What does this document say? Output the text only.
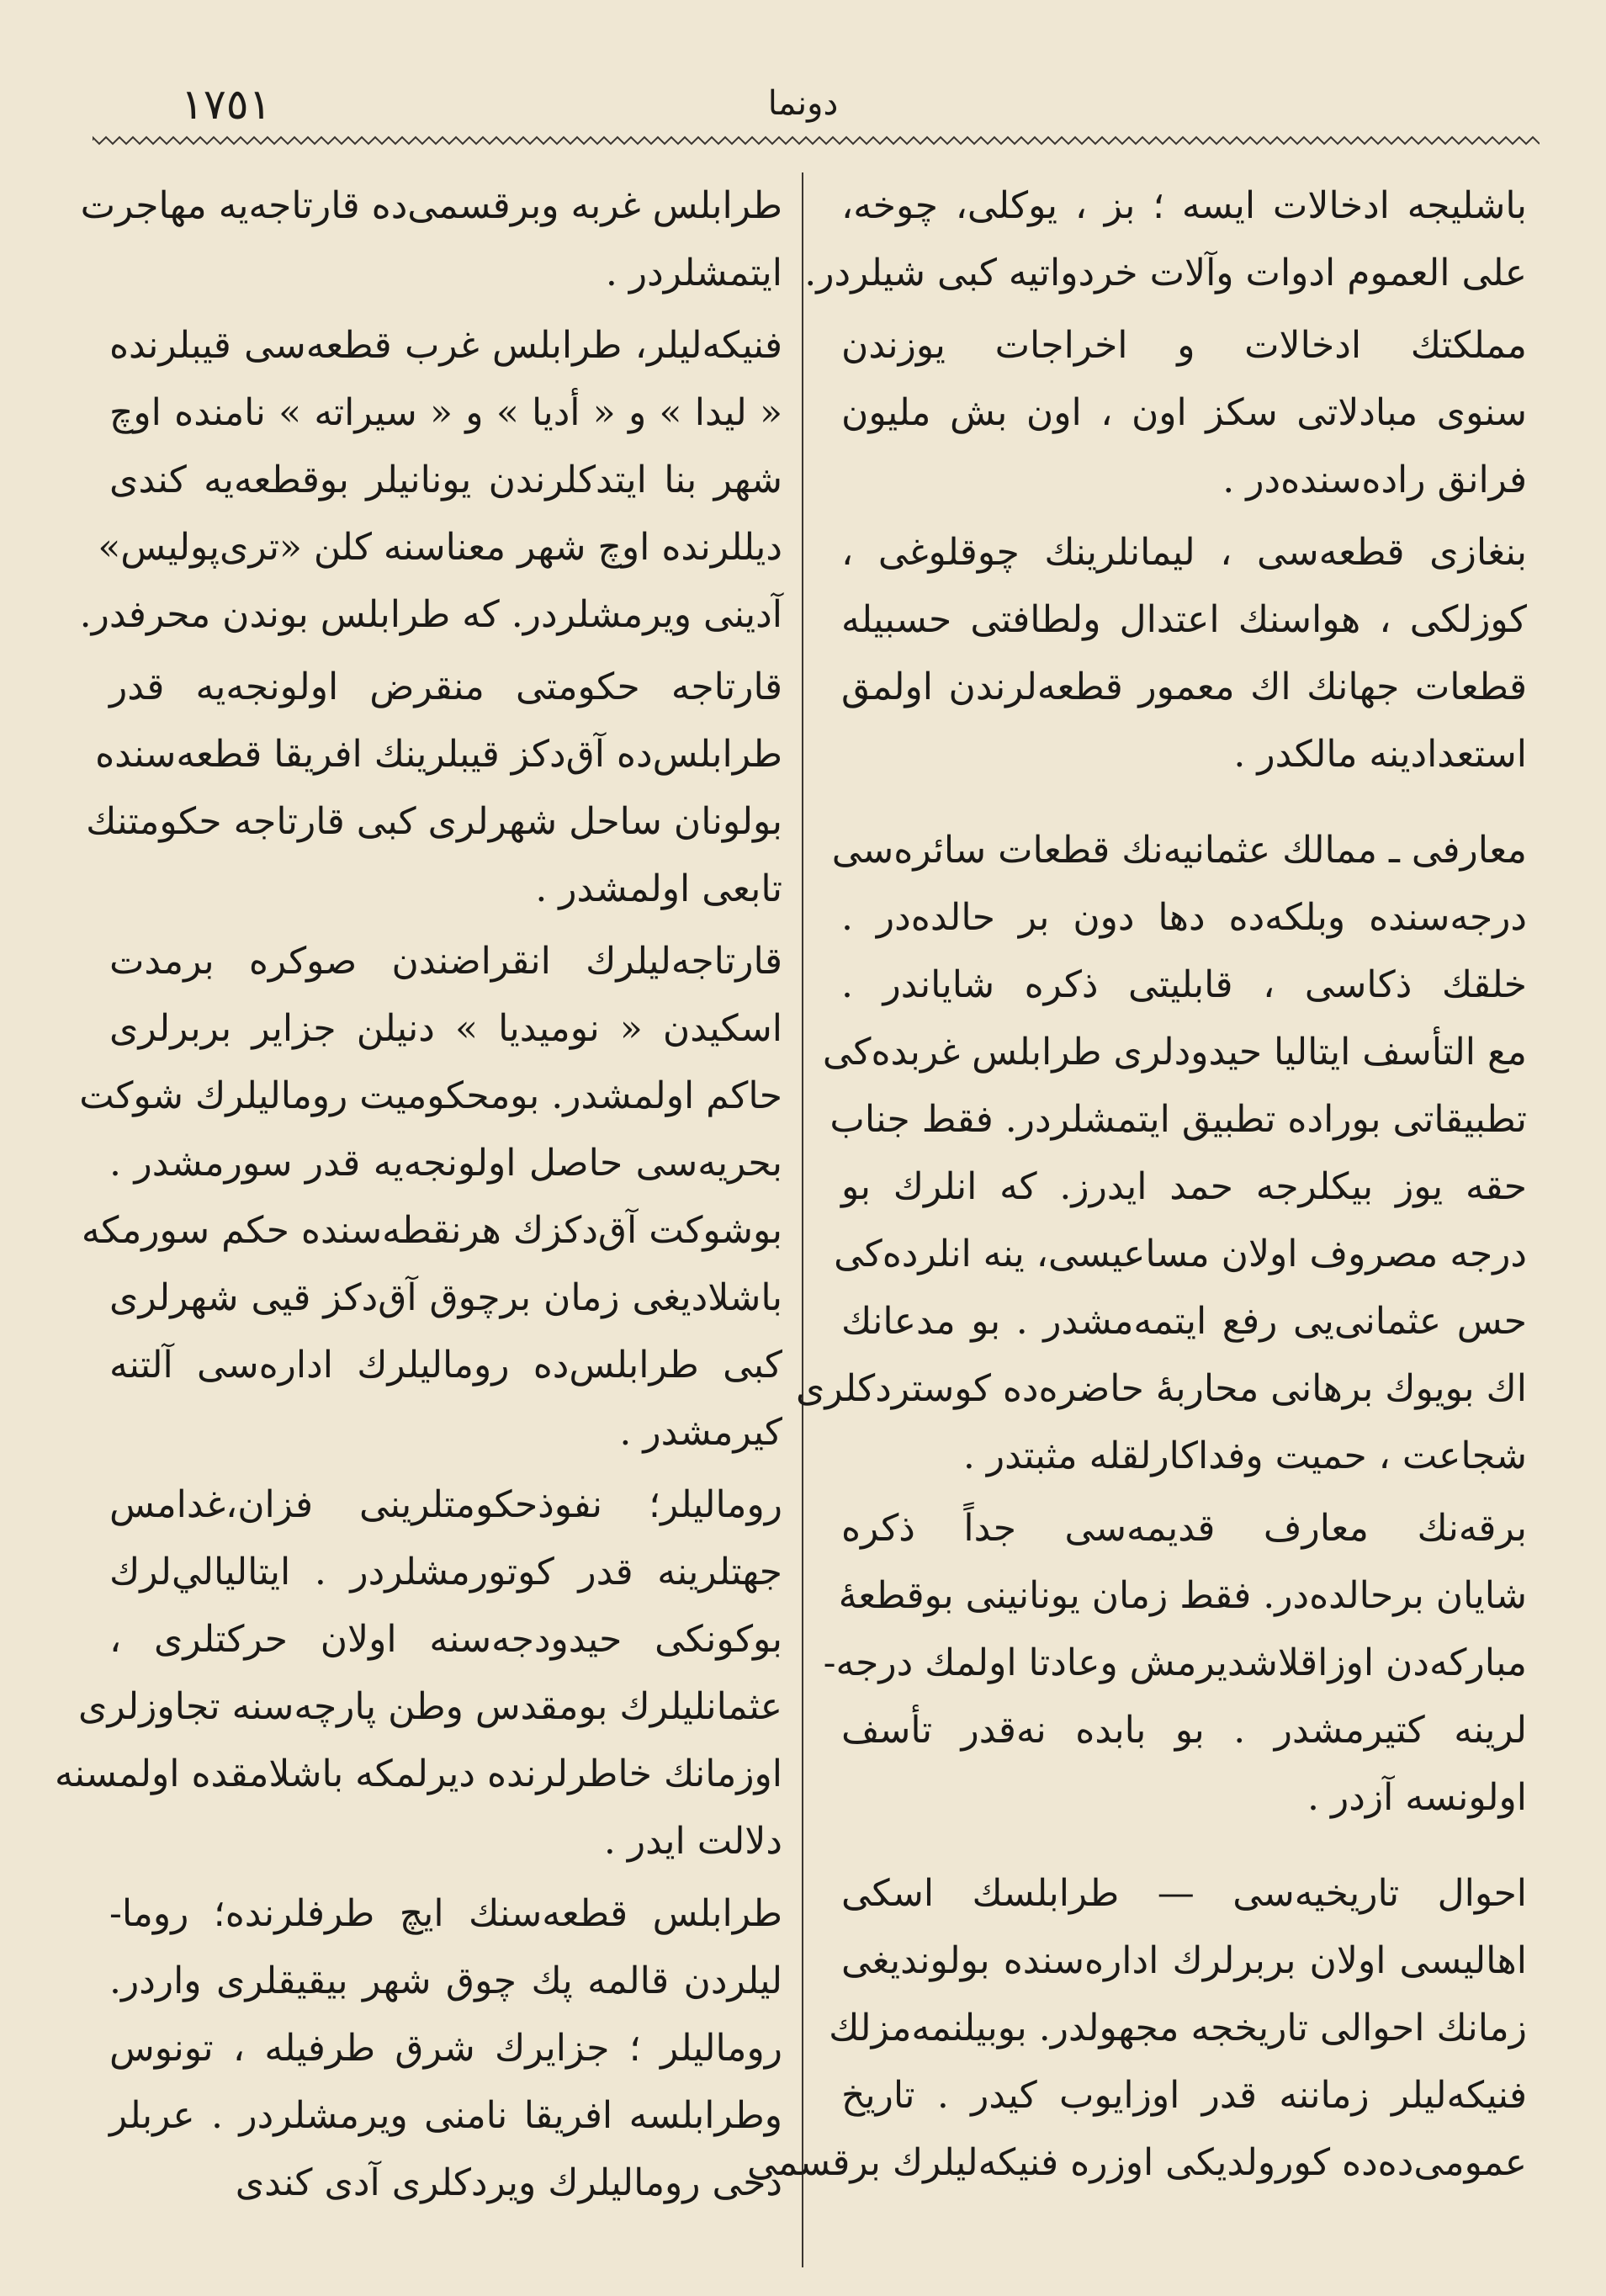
١٧٥١	دونما
باشليجه ادخالات ايسه ؛ بز ، يوكلى، چوخه،
على العموم ادوات وآلات خردواتيه كبى شيلردر.
مملكتك ادخالات و اخراجات يوزندن
سنوى مبادلاتى سكز اون ، اون بش مليون
فرانق راده‌سنده‌در .
بنغازى قطعه‌سى ، ليمانلرينك چوقلوغى ،
كوزلكى ، هواسنك اعتدال ولطافتى حسبيله
قطعات جهانك اك معمور قطعه‌لرندن اولمق
استعدادينه مالكدر .
معارفى ـ ممالك عثمانيه‌نك قطعات سائره‌سى
درجه‌سنده وبلكه‌ده دها دون بر حالده‌در .
خلقك ذكاسى ، قابليتى ذكره شاياندر .
مع التأسف ايتاليا حيدودلرى طرابلس غربده‌كى
تطبيقاتى بوراده تطبيق ايتمشلردر. فقط جناب
حقه يوز بيكلرجه حمد ايدرز. كه انلرك بو
درجه مصروف اولان مساعيسى، ينه انلرده‌كى
حس عثمانى‌يى رفع ايتمه‌مشدر . بو مدعانك
اك بويوك برهانى محاربهٔ حاضره‌ده كوستردكلرى
شجاعت ، حميت وفداكارلقله مثبتدر .
برقه‌نك معارف قديمه‌سى جداً ذكره
شايان برحالده‌در. فقط زمان يونانينى بوقطعهٔ
مباركه‌دن اوزاقلاشديرمش وعادتا اولمك درجه-
لرينه كتيرمشدر . بو بابده نه‌قدر تأسف
اولونسه آزدر .
احوال تاريخيه‌سى — طرابلسك اسكى
اهاليسى اولان بربرلرك اداره‌سنده بولونديغى
زمانك احوالى تاريخجه مجهولدر. بوبيلنمه‌مزلك
فنيكه‌ليلر زماننه قدر اوزايوب كيدر . تاريخ
عمومى‌ده‌ده كورولديكى اوزره فنيكه‌ليلرك برقسمى
طرابلس غربه وبرقسمى‌ده قارتاجه‌يه مهاجرت
ايتمشلردر .
فنيكه‌ليلر، طرابلس غرب قطعه‌سى قيبلرنده
« ليدا » و « أديا » و « سيراته » نامنده اوچ
شهر بنا ايتدكلرندن يونانيلر بوقطعه‌يه كندى
ديللرنده اوچ شهر معناسنه كلن «ترى‌پوليس»
آدينى ويرمشلردر. كه طرابلس بوندن محرفدر.
قارتاجه حكومتى منقرض اولونجه‌يه قدر
طرابلس‌ده آق‌دكز قيبلرينك افريقا قطعه‌سنده
بولونان ساحل شهرلرى كبى قارتاجه حكومتنك
تابعى اولمشدر .
قارتاجه‌ليلرك انقراضندن صوكره برمدت
اسكيدن « نوميديا » دنيلن جزاير بربرلرى
حاكم اولمشدر. بومحكوميت روماليلرك شوكت
بحريه‌سى حاصل اولونجه‌يه قدر سورمشدر .
بوشوكت آق‌دكزك هرنقطه‌سنده حكم سورمكه
باشلاديغى زمان برچوق آق‌دكز قيى شهرلرى
كبى طرابلس‌ده روماليلرك اداره‌سى آلتنه
كيرمشدر .
روماليلر؛ نفوذحكومتلرينى فزان،غدامس
جهتلرينه قدر كوتورمشلردر . ايتاليالي‌لرك
بوكونكى حيدودجه‌سنه اولان حركتلرى ،
عثمانليلرك بومقدس وطن پارچه‌سنه تجاوزلرى
اوزمانك خاطرلرنده ديرلمكه باشلامقده اولمسنه
دلالت ايدر .
طرابلس قطعه‌سنك ايچ طرفلرنده؛ روما-
ليلردن قالمه پك چوق شهر بيقيقلرى واردر.
روماليلر ؛ جزايرك شرق طرفيله ، تونوس
وطرابلسه افريقا نامنى ويرمشلردر . عربلر
دخى روماليلرك ويردكلرى آدى كندى
